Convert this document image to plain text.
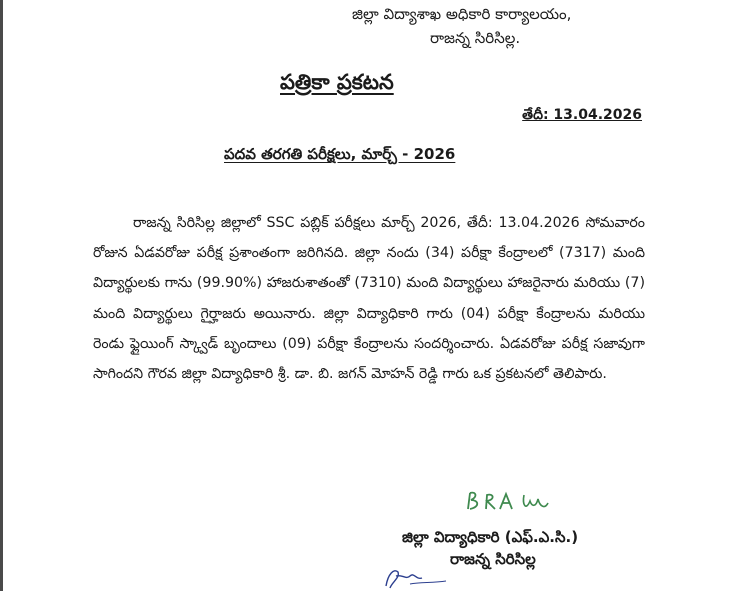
జిల్లా విద్యాశాఖ అధికారి కార్యాలయం,
రాజన్న సిరిసిల్ల.
పత్రికా ప్రకటన
తేదీ: 13.04.2026
పదవ తరగతి పరీక్షలు, మార్చ్ - 2026
రాజన్న సిరిసిల్ల జిల్లాలో SSC పబ్లిక్ పరీక్షలు మార్చ్ 2026, తేదీ: 13.04.2026 సోమవారం రోజున ఏడవరోజు పరీక్ష ప్రశాంతంగా జరిగినది. జిల్లా నందు (34) పరీక్షా కేంద్రాలలో (7317) మంది విద్యార్థులకు గాను (99.90%) హాజరుశాతంతో (7310) మంది విద్యార్థులు హాజరైనారు మరియు (7) మంది విద్యార్థులు గైర్హాజరు అయినారు. జిల్లా విద్యాధికారి గారు (04) పరీక్షా కేంద్రాలను మరియు రెండు ఫ్లైయింగ్ స్క్వాడ్ బృందాలు (09) పరీక్షా కేంద్రాలను సందర్శించారు. ఏడవరోజు పరీక్ష సజావుగా సాగిందని గౌరవ జిల్లా విద్యాధికారి శ్రీ. డా. బి. జగన్ మోహన్ రెడ్డి గారు ఒక ప్రకటనలో తెలిపారు.
జిల్లా విద్యాధికారి (ఎఫ్.ఎ.సి.)
రాజన్న సిరిసిల్ల
